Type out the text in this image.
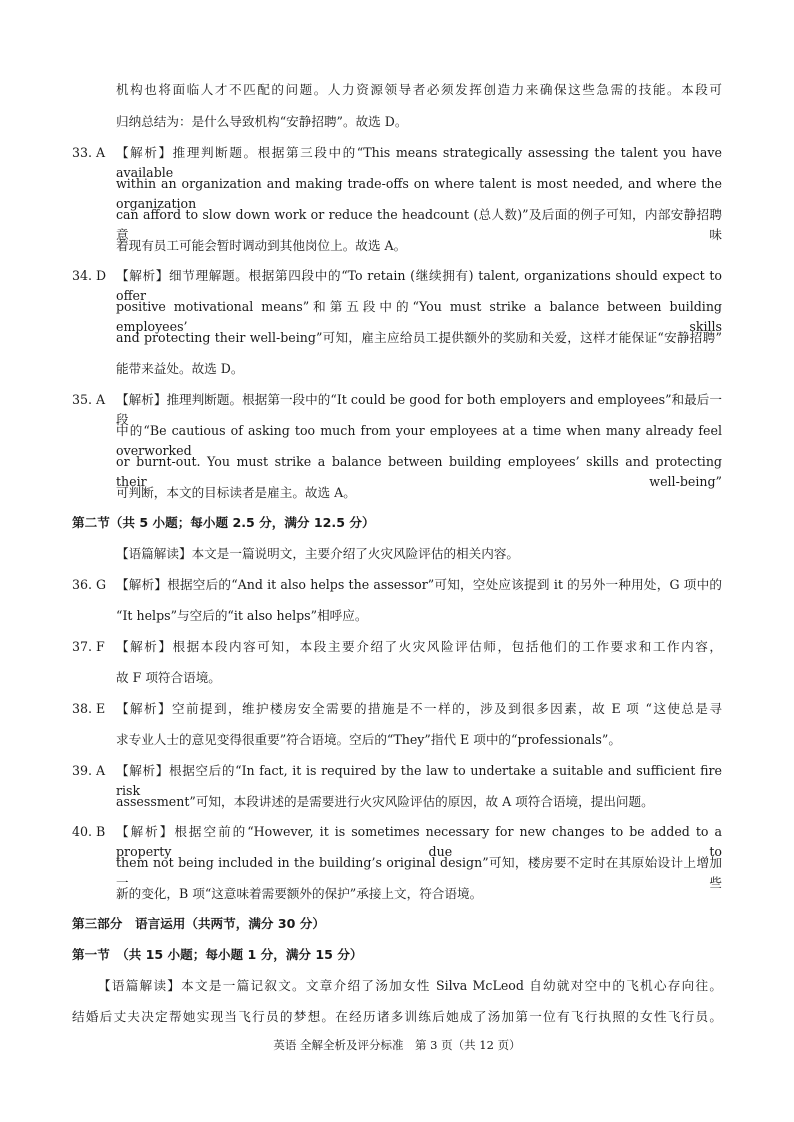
机构也将面临人才不匹配的问题。人力资源领导者必须发挥创造力来确保这些急需的技能。本段可
归纳总结为：是什么导致机构“安静招聘”。故选 D。
33. A 【解析】推理判断题。根据第三段中的“This means strategically assessing the talent you have available
within an organization and making trade-offs on where talent is most needed, and where the organization
can afford to slow down work or reduce the headcount (总人数)”及后面的例子可知，内部安静招聘意味
着现有员工可能会暂时调动到其他岗位上。故选 A。
34. D 【解析】细节理解题。根据第四段中的“To retain (继续拥有) talent, organizations should expect to offer
positive motivational means”和第五段中的“You must strike a balance between building employees’ skills
and protecting their well-being”可知，雇主应给员工提供额外的奖励和关爱，这样才能保证“安静招聘”
能带来益处。故选 D。
35. A 【解析】推理判断题。根据第一段中的“It could be good for both employers and employees”和最后一段
中的“Be cautious of asking too much from your employees at a time when many already feel overworked
or burnt-out. You must strike a balance between building employees’ skills and protecting their well-being”
可判断，本文的目标读者是雇主。故选 A。
第二节（共 5 小题；每小题 2.5 分，满分 12.5 分）
【语篇解读】本文是一篇说明文，主要介绍了火灾风险评估的相关内容。
36. G 【解析】根据空后的“And it also helps the assessor”可知，空处应该提到 it 的另外一种用处，G 项中的
“It helps”与空后的“it also helps”相呼应。
37. F 【解析】根据本段内容可知，本段主要介绍了火灾风险评估师，包括他们的工作要求和工作内容，
故 F 项符合语境。
38. E 【解析】空前提到，维护楼房安全需要的措施是不一样的，涉及到很多因素，故 E 项 “这使总是寻
求专业人士的意见变得很重要”符合语境。空后的“They”指代 E 项中的“professionals”。
39. A 【解析】根据空后的“In fact, it is required by the law to undertake a suitable and sufficient fire risk
assessment”可知，本段讲述的是需要进行火灾风险评估的原因，故 A 项符合语境，提出问题。
40. B 【解析】根据空前的“However, it is sometimes necessary for new changes to be added to a property due to
them not being included in the building’s original design”可知，楼房要不定时在其原始设计上增加一些
新的变化，B 项“这意味着需要额外的保护”承接上文，符合语境。
第三部分　语言运用（共两节，满分 30 分）
第一节　（共 15 小题；每小题 1 分，满分 15 分）
【语篇解读】本文是一篇记叙文。文章介绍了汤加女性 Silva McLeod 自幼就对空中的飞机心存向往。
结婚后丈夫决定帮她实现当飞行员的梦想。在经历诸多训练后她成了汤加第一位有飞行执照的女性飞行员。
英语 全解全析及评分标准　第 3 页（共 12 页）
